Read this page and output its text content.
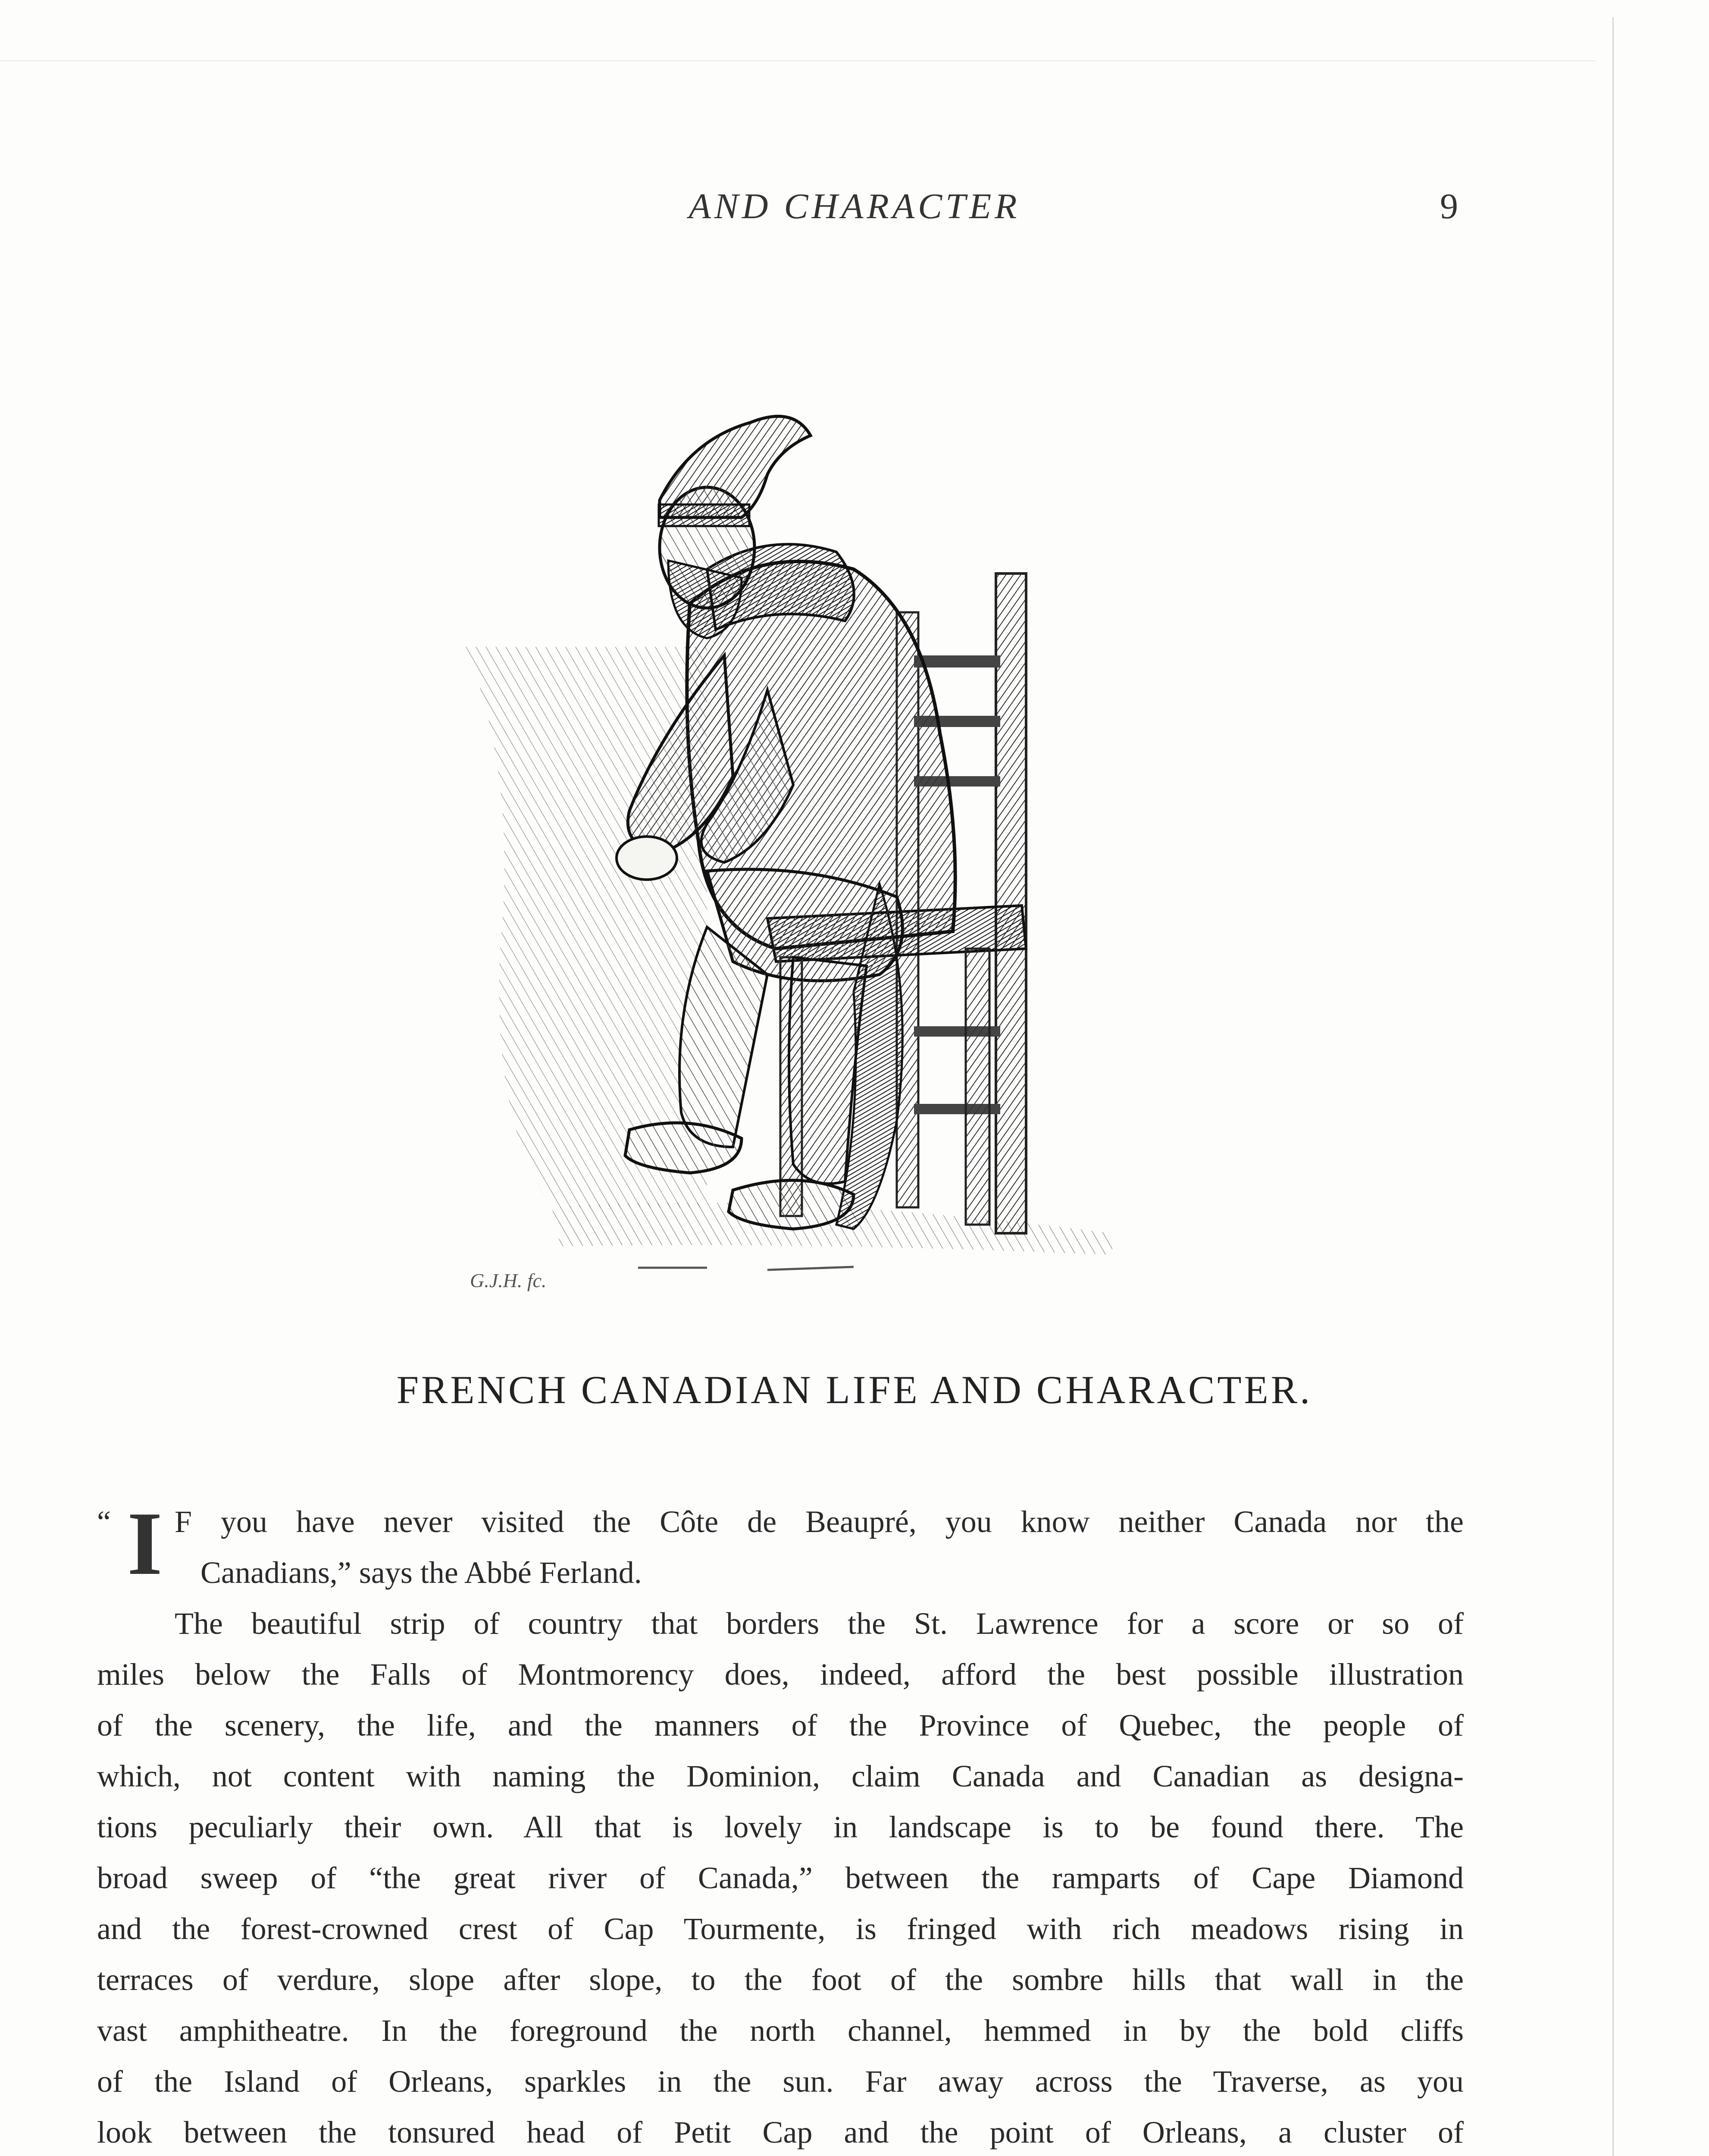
AND CHARACTER	9
G.J.H. fc.
FRENCH CANADIAN LIFE AND CHARACTER.
“ I F you have never visited the Côte de Beaupré, you know neither Canada nor the
Canadians,” says the Abbé Ferland.
The beautiful strip of country that borders the St. Lawrence for a score or so of
miles below the Falls of Montmorency does, indeed, afford the best possible illustration
of the scenery, the life, and the manners of the Province of Quebec, the people of
which, not content with naming the Dominion, claim Canada and Canadian as designa-
tions peculiarly their own. All that is lovely in landscape is to be found there. The
broad sweep of “the great river of Canada,” between the ramparts of Cape Diamond
and the forest-crowned crest of Cap Tourmente, is fringed with rich meadows rising in
terraces of verdure, slope after slope, to the foot of the sombre hills that wall in the
vast amphitheatre. In the foreground the north channel, hemmed in by the bold cliffs
of the Island of Orleans, sparkles in the sun. Far away across the Traverse, as you
look between the tonsured head of Petit Cap and the point of Orleans, a cluster of
